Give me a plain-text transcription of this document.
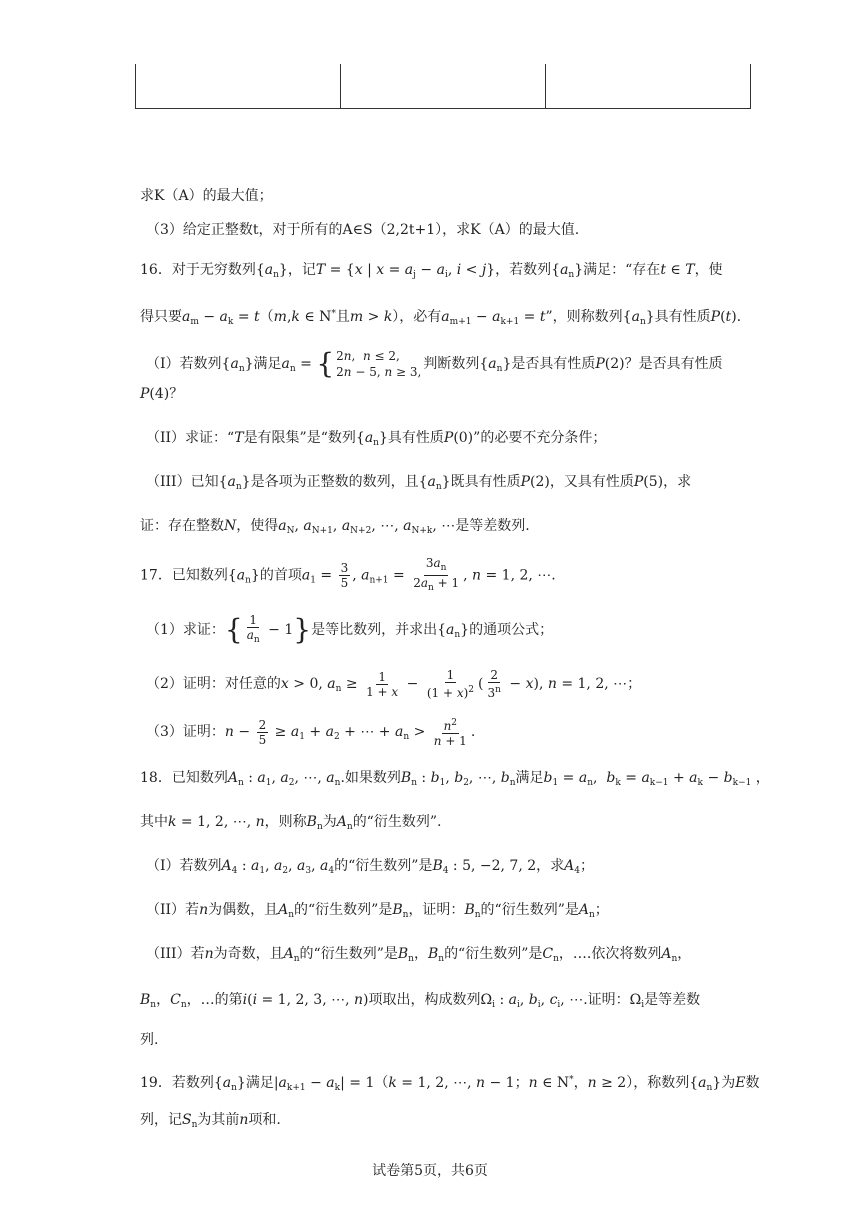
求K（A）的最大值；
（3）给定正整数t，对于所有的A∈S（2,2t+1），求K（A）的最大值.
16．对于无穷数列$\{a_n\}$，记T = {x | $x = a_j - a_i$, i < j}，若数列$\{a_n\}$满足：“存在t ∈ T，使
得只要$a_m - a_k = t(m,k$ ∈ N*且m > k），必有$a_{m+1} - a_{k+1} = t$”，则称数列$\{a_n\}$具有性质P(t).
（I）若数列$\{a_n\}$满足$a_n$ = { 2n,  n ≤ 2,
2n − 5, n ≥ 3, 判断数列$\{a_n\}$是否具有性质P(2)？是否具有性质
P(4)？
（II）求证：“T是有限集”是“数列$\{a_n\}$具有性质P(0)”的必要不充分条件；
（III）已知$\{a_n\}$是各项为正整数的数列，且$\{a_n\}$既具有性质P(2)，又具有性质P(5)，求
证：存在整数N，使得$a_N$, $a_{N+1}$, $a_{N+2}$, ⋯, $a_{N+k}$, ⋯是等差数列.
17．已知数列$\{a_n\}$的首项$a_1 = \frac{3}{5}$ , $a_{n+1} = \frac{3a_n}{2a_n + 1}$ , n = 1, 2, ⋯.
（1）求证：{ $\frac{1}{a_n} - 1$}是等比数列，并求出$\{a_n\}$的通项公式；
（2）证明：对任意的x > 0, $a_n \ge \frac{1}{1 + x} - \frac{1}{(1 + x)^2}$ ( $\frac{2}{3^n} - x$), n = 1, 2, ⋯；
（3）证明：$n - \frac{2}{5} \ge a_1 + a_2$ + ⋯ + $a_n > \frac{n^2}{n + 1}$ .
18．已知数列$A_n$ : $a_1$, $a_2$, ⋯, $a_n$.如果数列$B_n$ : $b_1$, $b_2$, ⋯, $b_n$满足$b_1 = a_n$,  $b_k = a_{k-1} + a_k - b_{k-1}$ ，
其中k = 1, 2, ⋯, n，则称$B_n$为$A_n$的“衍生数列”.
（I）若数列$A_4$ : $a_1$, $a_2$, $a_3$, $a_4$的“衍生数列”是$B_4$ : 5, −2, 7, 2，求$A_4$；
（II）若n为偶数，且$A_n$的“衍生数列”是$B_n$，证明：$B_n$的“衍生数列”是$A_n$；
（III）若n为奇数，且$A_n$的“衍生数列”是$B_n$，$B_n$的“衍生数列”是$C_n$，….依次将数列$A_n$，
$B_n$，$C_n$，…的第i(i = 1, 2, 3, ⋯, n)项取出，构成数列$\Omega_i$ : $a_i$, $b_i$, $c_i$, ⋯.证明：$\Omega_i$是等差数
列.
19．若数列$\{a_n\}$满足$|a_{k+1} - a_k| = 1(k = 1$, 2, ⋯, n − 1；n ∈ N*，n ≥ 2），称数列$\{a_n\}$为E数
列，记$S_n$为其前n项和.
试卷第5页，共6页
